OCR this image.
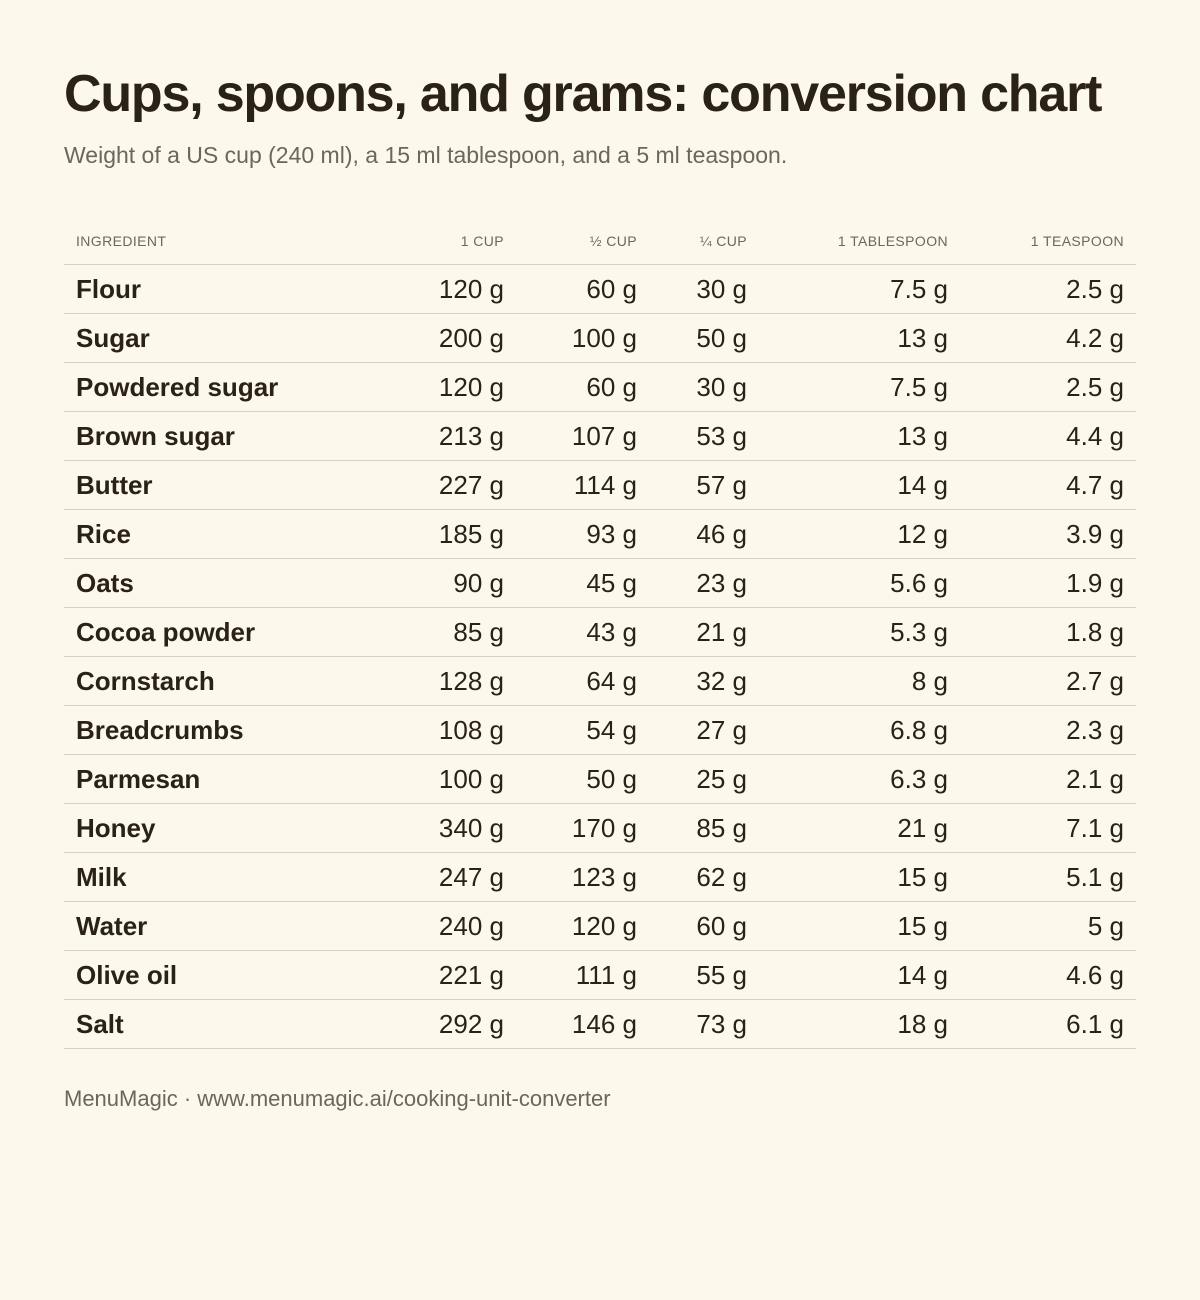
Cups, spoons, and grams: conversion chart
Weight of a US cup (240 ml), a 15 ml tablespoon, and a 5 ml teaspoon.
INGREDIENT	1 CUP	½ CUP	¼ CUP	1 TABLESPOON	1 TEASPOON
Flour	120 g	60 g	30 g	7.5 g	2.5 g
Sugar	200 g	100 g	50 g	13 g	4.2 g
Powdered sugar	120 g	60 g	30 g	7.5 g	2.5 g
Brown sugar	213 g	107 g	53 g	13 g	4.4 g
Butter	227 g	114 g	57 g	14 g	4.7 g
Rice	185 g	93 g	46 g	12 g	3.9 g
Oats	90 g	45 g	23 g	5.6 g	1.9 g
Cocoa powder	85 g	43 g	21 g	5.3 g	1.8 g
Cornstarch	128 g	64 g	32 g	8 g	2.7 g
Breadcrumbs	108 g	54 g	27 g	6.8 g	2.3 g
Parmesan	100 g	50 g	25 g	6.3 g	2.1 g
Honey	340 g	170 g	85 g	21 g	7.1 g
Milk	247 g	123 g	62 g	15 g	5.1 g
Water	240 g	120 g	60 g	15 g	5 g
Olive oil	221 g	111 g	55 g	14 g	4.6 g
Salt	292 g	146 g	73 g	18 g	6.1 g
MenuMagic · www.menumagic.ai/cooking-unit-converter
